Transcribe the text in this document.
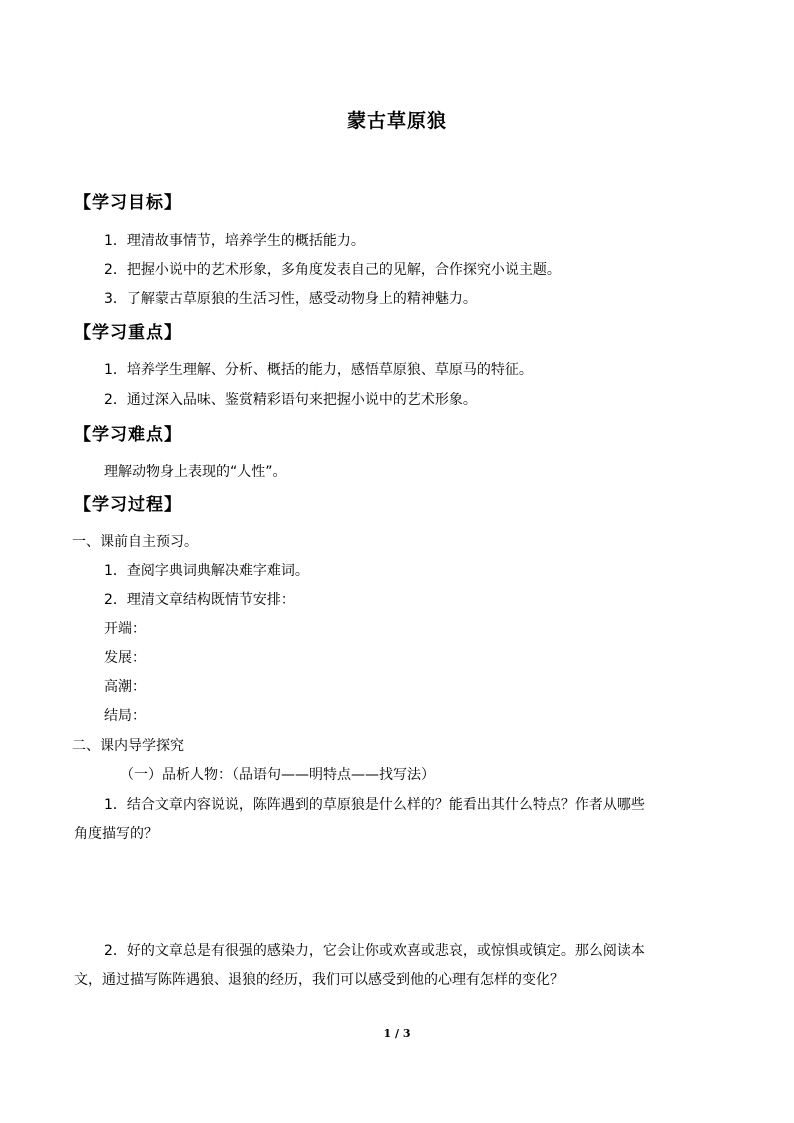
蒙古草原狼
【学习目标】
1．理清故事情节，培养学生的概括能力。
2．把握小说中的艺术形象，多角度发表自己的见解，合作探究小说主题。
3．了解蒙古草原狼的生活习性，感受动物身上的精神魅力。
【学习重点】
1．培养学生理解、分析、概括的能力，感悟草原狼、草原马的特征。
2．通过深入品味、鉴赏精彩语句来把握小说中的艺术形象。
【学习难点】
理解动物身上表现的“人性”。
【学习过程】
一、课前自主预习。
1．查阅字典词典解决难字难词。
2．理清文章结构既情节安排：
开端：
发展：
高潮：
结局：
二、课内导学探究
（一）品析人物：（品语句——明特点——找写法）
1．结合文章内容说说，陈阵遇到的草原狼是什么样的？能看出其什么特点？作者从哪些
角度描写的？
2．好的文章总是有很强的感染力，它会让你或欢喜或悲哀，或惊惧或镇定。那么阅读本
文，通过描写陈阵遇狼、退狼的经历，我们可以感受到他的心理有怎样的变化？
1 / 3
